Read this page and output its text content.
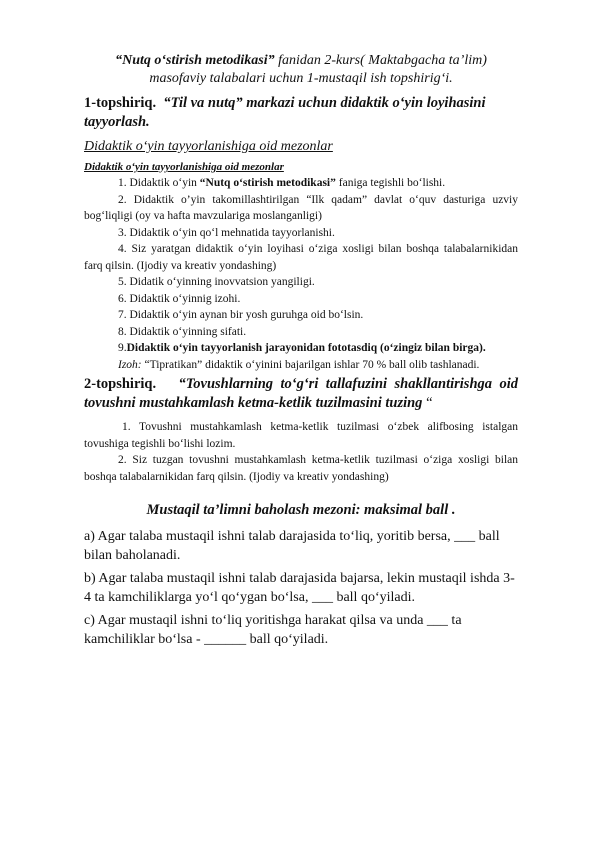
“Nutq o‘stirish metodikasi” fanidan 2-kurs( Maktabgacha ta’lim)

masofaviy talabalari uchun 1-mustaqil ish topshirig‘i.

1-topshiriq. “Til va nutq” markazi uchun didaktik o‘yin loyihasini tayyorlash.

Didaktik o‘yin tayyorlanishiga oid mezonlar

Didaktik o‘yin tayyorlanishiga oid mezonlar

1. Didaktik o‘yin “Nutq o‘stirish metodikasi” faniga tegishli bo‘lishi.

2. Didaktik o’yin takomillashtirilgan “Ilk qadam” davlat o‘quv dasturiga uzviy bog‘liqligi (oy va hafta mavzulariga moslanganligi)

3. Didaktik o‘yin qo‘l mehnatida tayyorlanishi.

4. Siz yaratgan didaktik o‘yin loyihasi o‘ziga xosligi bilan boshqa talabalarnikidan farq qilsin. (Ijodiy va kreativ yondashing)

5. Didatik o‘yinning inovvatsion yangiligi.

6. Didaktik o‘yinnig izohi.

7. Didaktik o‘yin aynan bir yosh guruhga oid bo‘lsin.

8. Didaktik o‘yinning sifati.

9.Didaktik o‘yin tayyorlanish jarayonidan fototasdiq (o‘zingiz bilan birga).

Izoh: “Tipratikan” didaktik o‘yinini bajarilgan ishlar 70 % ball olib tashlanadi.

2-topshiriq. “Tovushlarning to‘g‘ri tallafuzini shakllantirishga oid tovushni mustahkamlash ketma-ketlik tuzilmasini tuzing “

1. Tovushni mustahkamlash ketma-ketlik tuzilmasi o‘zbek alifbosing istalgan tovushiga tegishli bo‘lishi lozim.

2. Siz tuzgan tovushni mustahkamlash ketma-ketlik tuzilmasi o‘ziga xosligi bilan boshqa talabalarnikidan farq qilsin. (Ijodiy va kreativ yondashing)

Mustaqil ta’limni baholash mezoni: maksimal ball .

a) Agar talaba mustaqil ishni talab darajasida to‘liq, yoritib bersa, ___ ball bilan baholanadi.

b) Agar talaba mustaqil ishni talab darajasida bajarsa, lekin mustaqil ishda 3-4 ta kamchiliklarga yo‘l qo‘ygan bo‘lsa, ___ ball qo‘yiladi.

c) Agar mustaqil ishni to‘liq yoritishga harakat qilsa va unda ___ ta kamchiliklar bo‘lsa - ______ ball qo‘yiladi.
